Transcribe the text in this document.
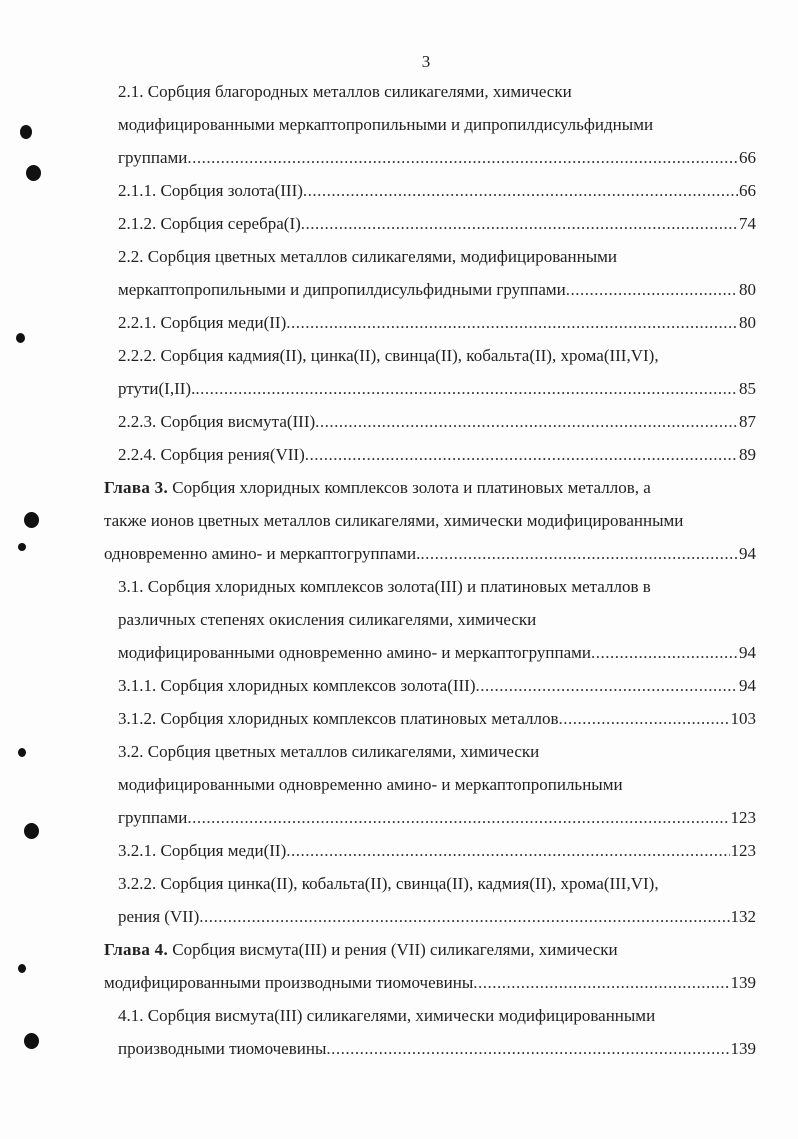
3
2.1. Сорбция благородных металлов силикагелями, химически
модифицированными меркаптопропильными и дипропилдисульфидными
группами .....	66
2.1.1. Сорбция золота(III) .....	66
2.1.2. Сорбция серебра(I) .....	74
2.2. Сорбция цветных металлов силикагелями, модифицированными
меркаптопропильными и дипропилдисульфидными группами .....	80
2.2.1. Сорбция меди(II) .....	80
2.2.2. Сорбция кадмия(II), цинка(II), свинца(II), кобальта(II), хрома(III,VI),
ртути(I,II). .....	85
2.2.3. Сорбция висмута(III) .....	87
2.2.4. Сорбция рения(VII) .....	89
Глава 3. Сорбция хлоридных комплексов золота и платиновых металлов, а
также ионов цветных металлов силикагелями, химически модифицированными
одновременно амино- и меркаптогруппами. .....	94
3.1. Сорбция хлоридных комплексов золота(III) и платиновых металлов в
различных степенях окисления силикагелями, химически
модифицированными одновременно амино- и меркаптогруппами .....	94
3.1.1. Сорбция хлоридных комплексов золота(III) .....	94
3.1.2. Сорбция хлоридных комплексов платиновых металлов .....	103
3.2. Сорбция цветных металлов силикагелями, химически
модифицированными одновременно амино- и меркаптопропильными
группами .....	123
3.2.1. Сорбция меди(II) .....	123
3.2.2. Сорбция цинка(II), кобальта(II), свинца(II), кадмия(II), хрома(III,VI),
рения (VII) .....	132
Глава 4. Сорбция висмута(III) и рения (VII) силикагелями, химически
модифицированными производными тиомочевины .....	139
4.1. Сорбция висмута(III) силикагелями, химически модифицированными
производными тиомочевины .....	139
